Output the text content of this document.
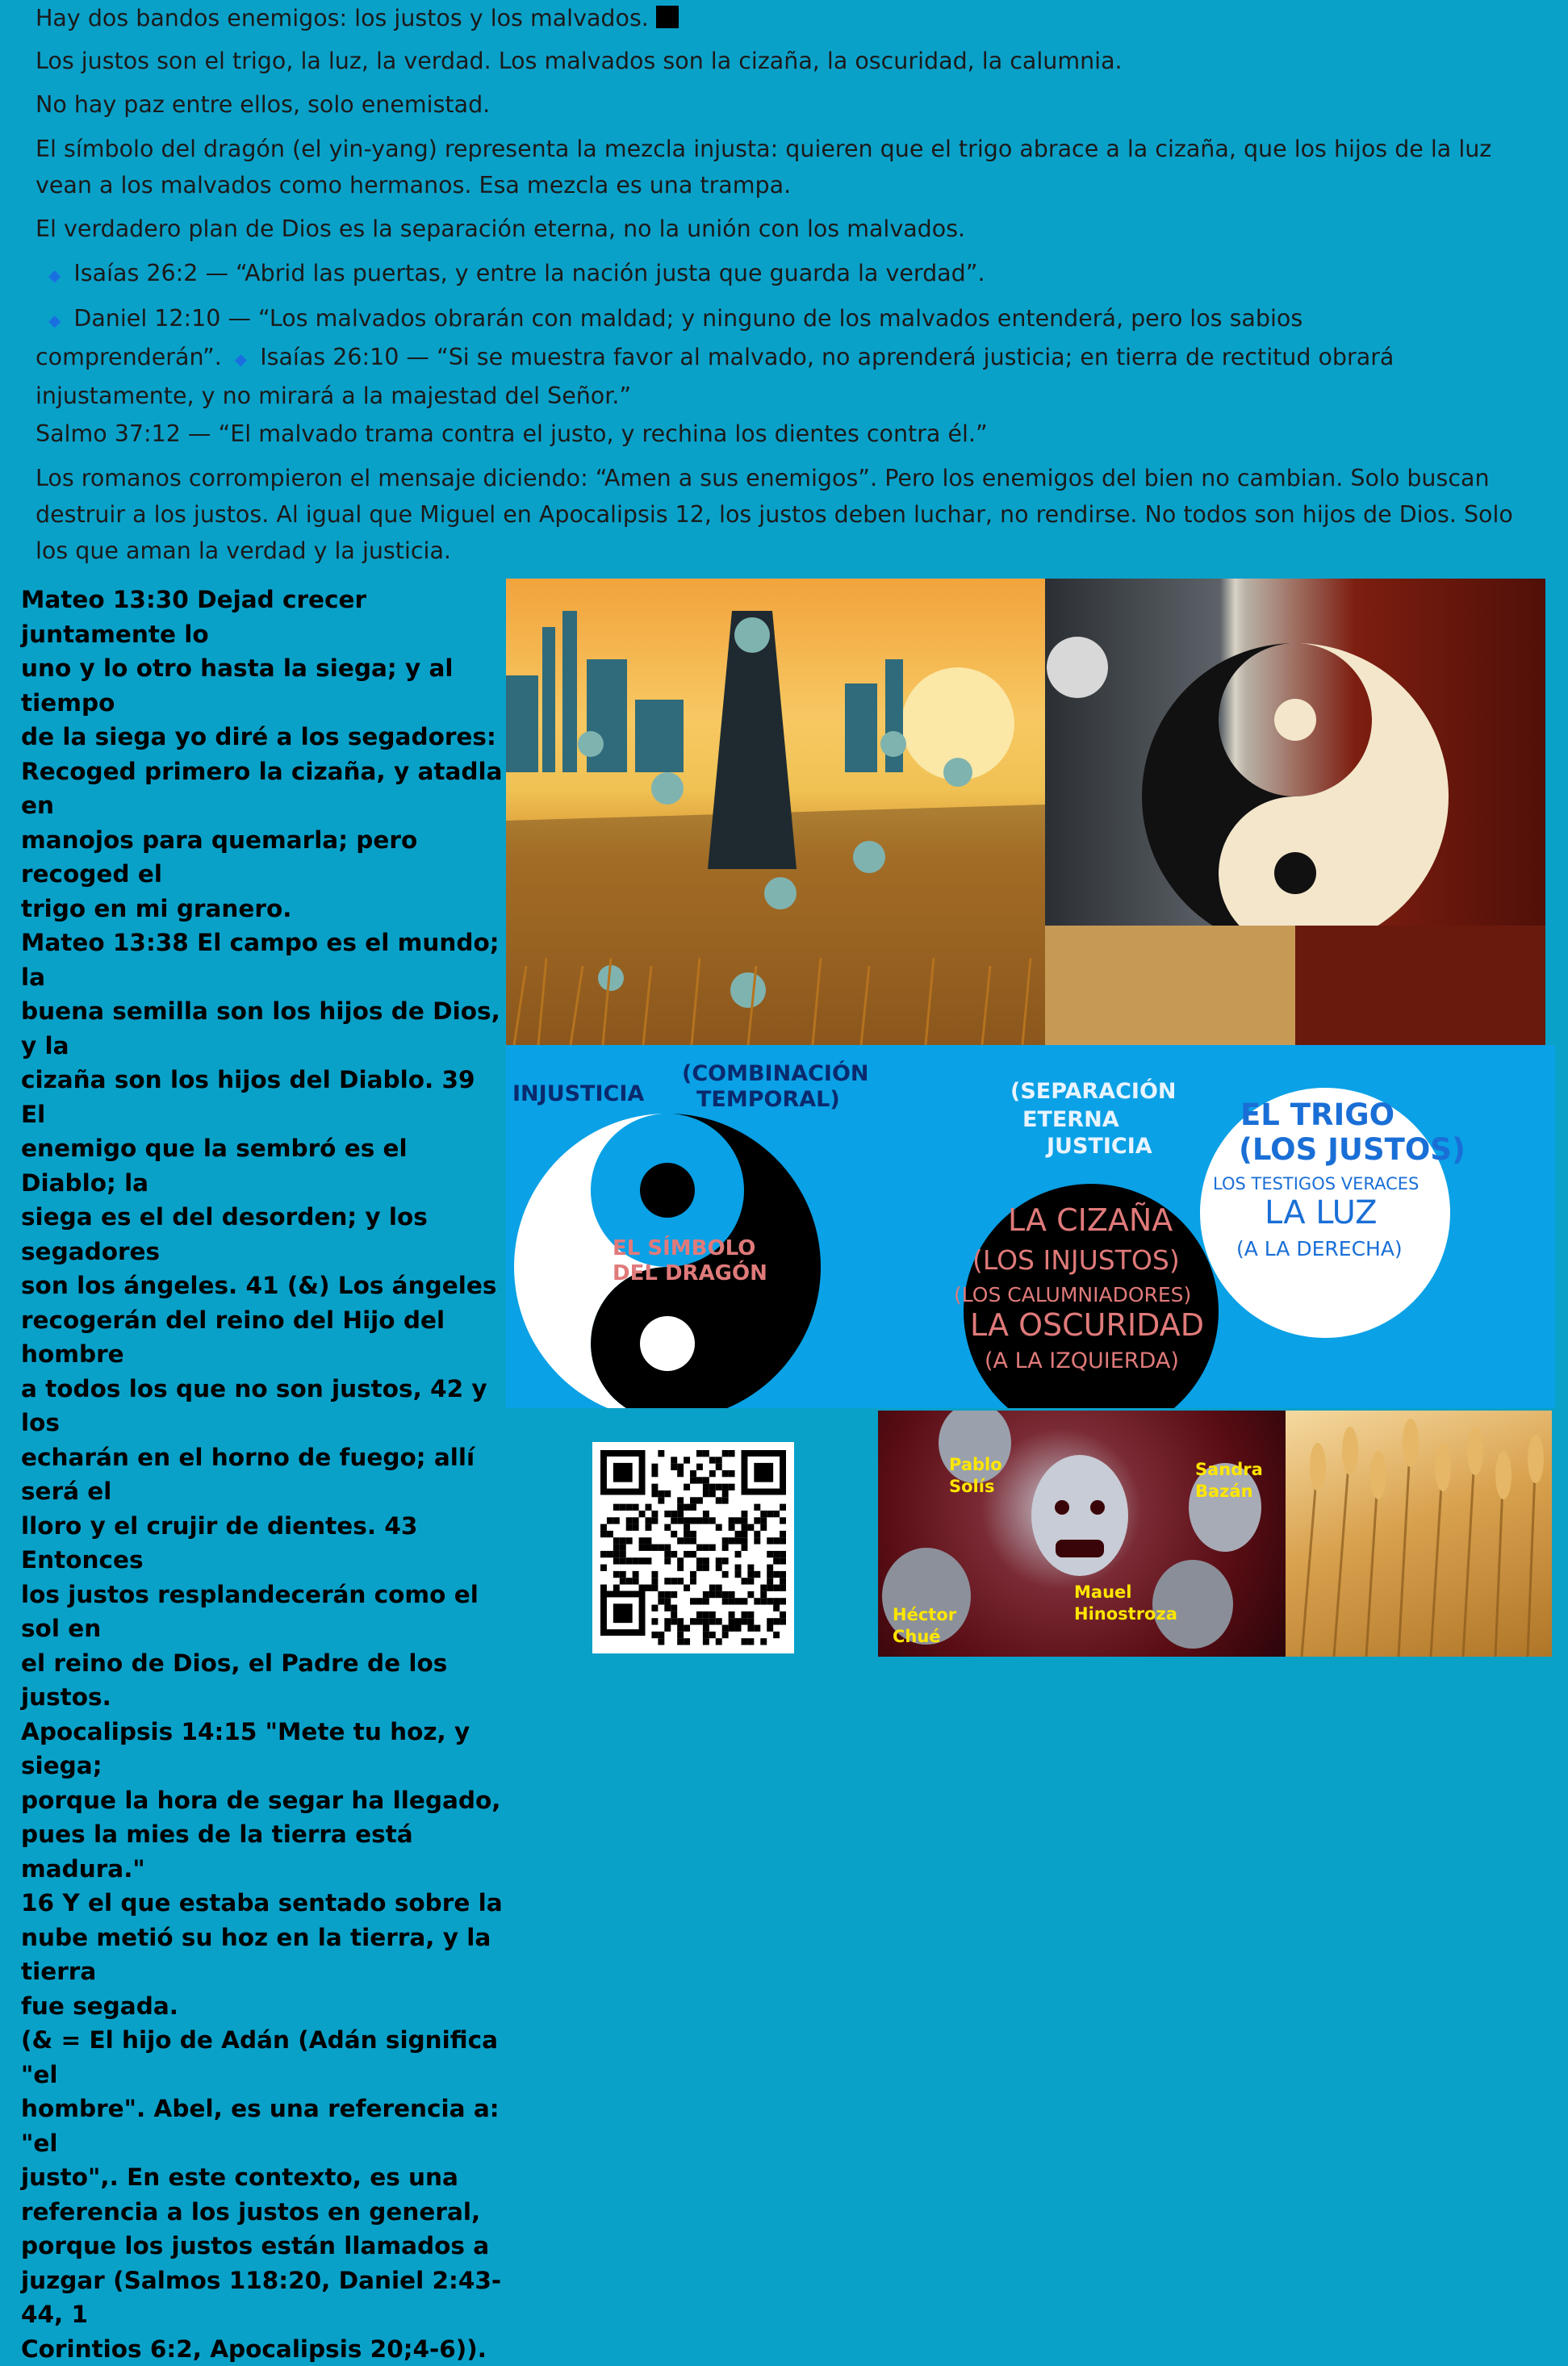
Hay dos bandos enemigos: los justos y los malvados.
Los justos son el trigo, la luz, la verdad. Los malvados son la cizaña, la oscuridad, la calumnia.
No hay paz entre ellos, solo enemistad.
El símbolo del dragón (el yin-yang) representa la mezcla injusta: quieren que el trigo abrace a la cizaña, que los hijos de la luz vean a los malvados como hermanos. Esa mezcla es una trampa.
El verdadero plan de Dios es la separación eterna, no la unión con los malvados.
◆ Isaías 26:2 — “Abrid las puertas, y entre la nación justa que guarda la verdad”.
◆ Daniel 12:10 — “Los malvados obrarán con maldad; y ninguno de los malvados entenderá, pero los sabios comprenderán”. ◆ Isaías 26:10 — “Si se muestra favor al malvado, no aprenderá justicia; en tierra de rectitud obrará injustamente, y no mirará a la majestad del Señor.”
Salmo 37:12 — “El malvado trama contra el justo, y rechina los dientes contra él.”
Los romanos corrompieron el mensaje diciendo: “Amen a sus enemigos”. Pero los enemigos del bien no cambian. Solo buscan destruir a los justos. Al igual que Miguel en Apocalipsis 12, los justos deben luchar, no rendirse. No todos son hijos de Dios. Solo los que aman la verdad y la justicia.
Mateo 13:30 Dejad crecer juntamente lo
uno y lo otro hasta la siega; y al tiempo
de la siega yo diré a los segadores:
Recoged primero la cizaña, y atadla en
manojos para quemarla; pero recoged el
trigo en mi granero.
Mateo 13:38 El campo es el mundo; la
buena semilla son los hijos de Dios, y la
cizaña son los hijos del Diablo. 39 El
enemigo que la sembró es el Diablo; la
siega es el del desorden; y los segadores
son los ángeles. 41 (&) Los ángeles
recogerán del reino del Hijo del hombre
a todos los que no son justos, 42 y los
echarán en el horno de fuego; allí será el
lloro y el crujir de dientes. 43 Entonces
los justos resplandecerán como el sol en
el reino de Dios, el Padre de los justos.
Apocalipsis 14:15 "Mete tu hoz, y siega;
porque la hora de segar ha llegado,
pues la mies de la tierra está madura."
16 Y el que estaba sentado sobre la
nube metió su hoz en la tierra, y la tierra
fue segada.
(& = El hijo de Adán (Adán significa "el
hombre". Abel, es una referencia a: "el
justo",. En este contexto, es una
referencia a los justos en general,
porque los justos están llamados a
juzgar (Salmos 118:20, Daniel 2:43-44, 1
Corintios 6:2, Apocalipsis 20;4-6)).
INJUSTICIA
(COMBINACIÓN
TEMPORAL)
EL SÍMBOLO
DEL DRAGÓN
(SEPARACIÓN
ETERNA
JUSTICIA
LA CIZAÑA
(LOS INJUSTOS)
(LOS CALUMNIADORES)
LA OSCURIDAD
(A LA IZQUIERDA)
EL TRIGO
(LOS JUSTOS)
LOS TESTIGOS VERACES
LA LUZ
(A LA DERECHA)
Pablo
Solís
Sandra
Bazán
Héctor
Chué
Mauel
Hinostroza
